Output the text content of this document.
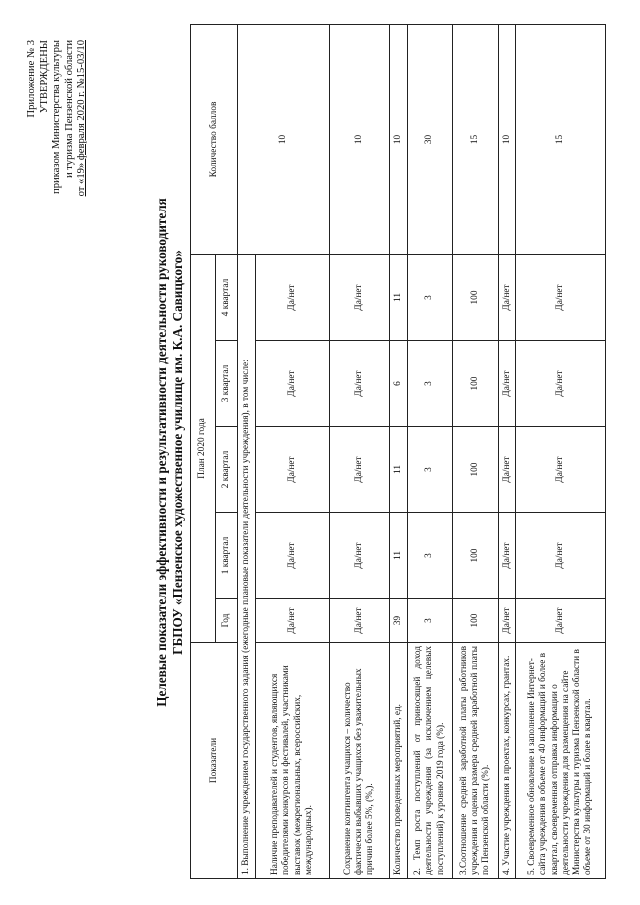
Приложение № 3 УТВЕРЖДЕНЫ приказом Министерства культуры и туризма Пензенской области от «19» февраля 2020 г. №15-03/10
Целевые показатели эффективности и результативности деятельности руководителя ГБПОУ «Пензенское художественное училище им. К.А. Савицкого»
Показатели	План 2020 года					Количество баллов
	Год	1 квартал	2 квартал	3 квартал	4 квартал	
1. Выполнение учреждением государственного задания (ежегодные плановые показатели деятельности учреждения), в том числе:						10
Наличие преподавателей и студентов, являющихся победителями конкурсов и фестивалей, участниками выставок (межрегиональных, всероссийских, международных).	Да/нет	Да/нет	Да/нет	Да/нет	Да/нет	
Сохранение контингента учащихся – количество фактически выбывших учащихся без уважительных причин более 5%, (%,).	Да/нет	Да/нет	Да/нет	Да/нет	Да/нет	10
Количество проведенных мероприятий, ед.	39	11	11	6	11	10
2. Темп роста поступлений от приносящей доход деятельности учреждения (за исключением целевых поступлений) к уровню 2019 года (%).	3	3	3	3	3	30
3.Соотношение средней заработной платы работников учреждения и оценки размера средней заработной платы по Пензенской области (%).	100	100	100	100	100	15
4. Участие учреждения в проектах, конкурсах, грантах.	Да/нет	Да/нет	Да/нет	Да/нет	Да/нет	10
5. Своевременное обновление и заполнение Интернет-сайта учреждения в объеме от 40 информаций и более в квартал, своевременная отправка информации о деятельности учреждения для размещения на сайте Министерства культуры и туризма Пензенской области в объеме от 30 информаций и более в квартал.	Да/нет	Да/нет	Да/нет	Да/нет	Да/нет	15
